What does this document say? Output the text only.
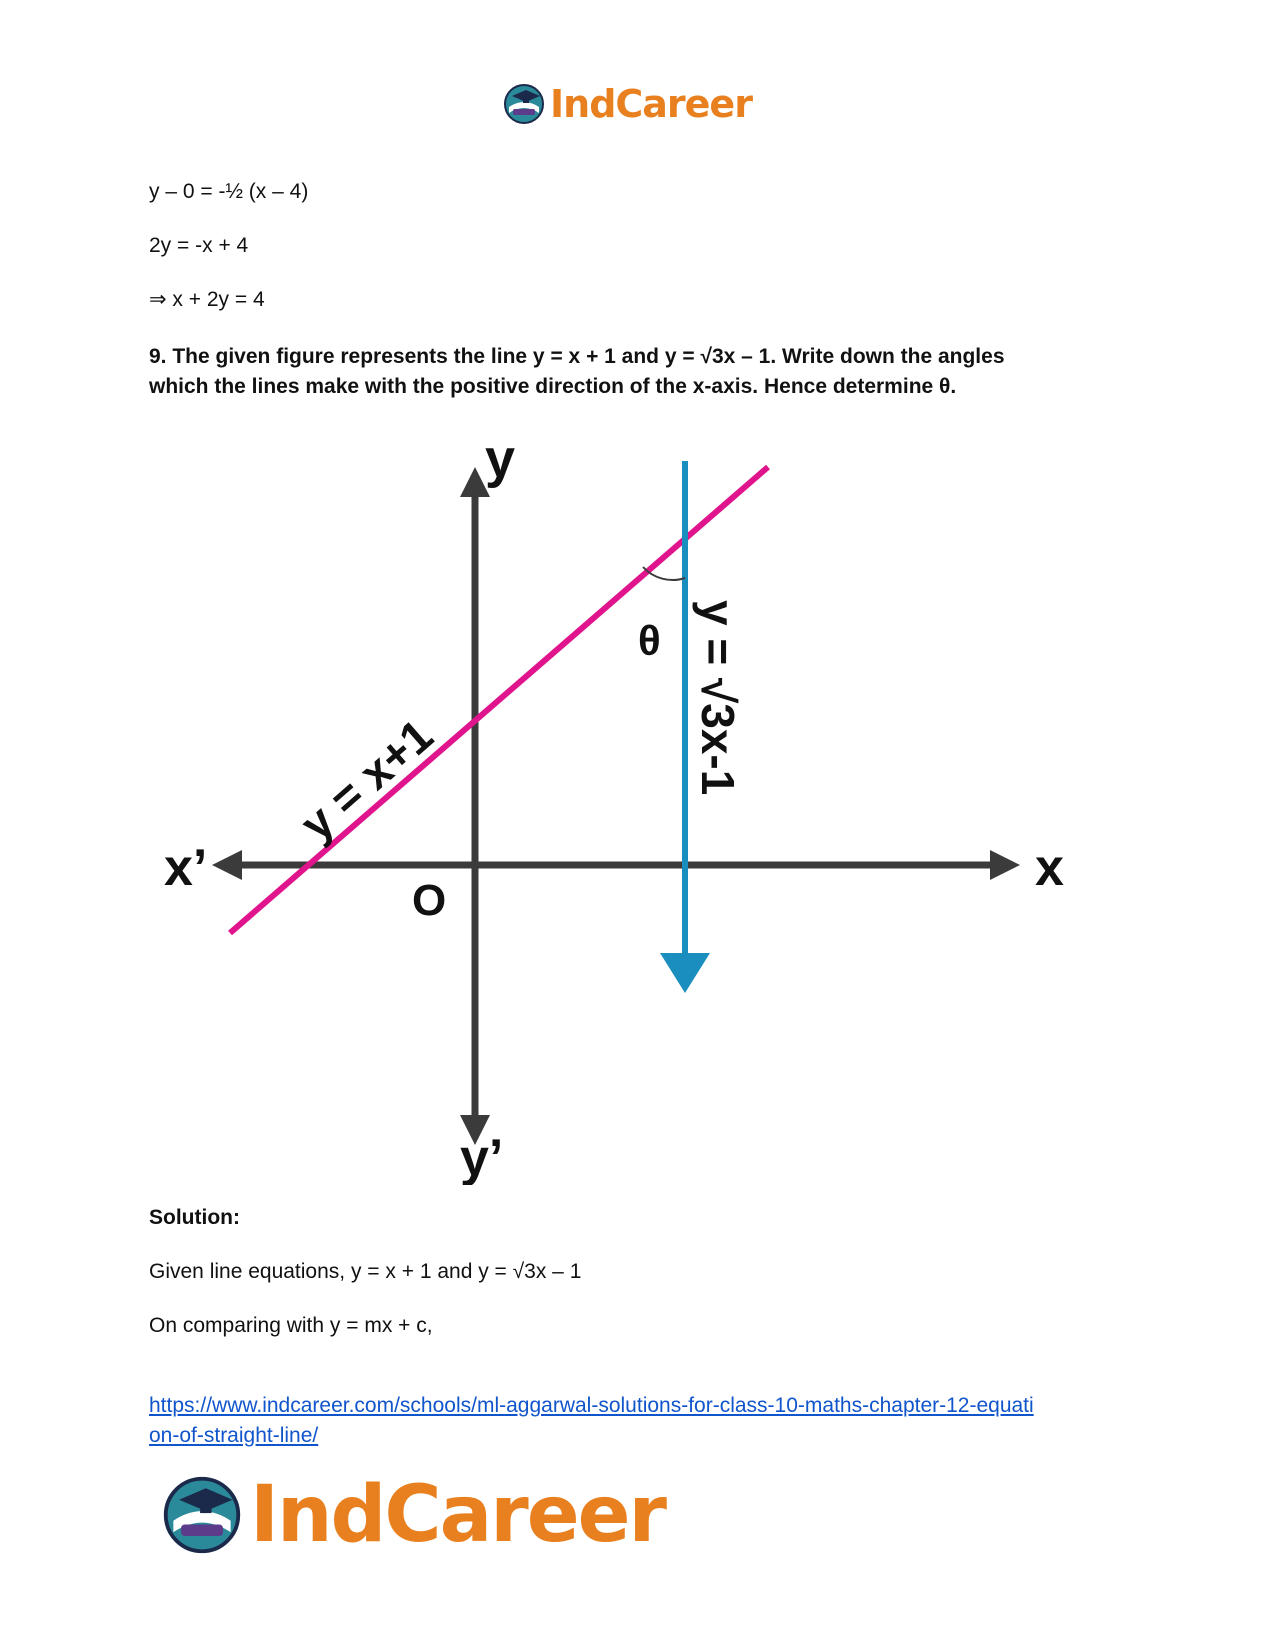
IndCareer
y – 0 = -½ (x – 4)
2y = -x + 4
⇒ x + 2y = 4
9. The given figure represents the line y = x + 1 and y = √3x – 1. Write down the angles
which the lines make with the positive direction of the x-axis. Hence determine θ.
y
y’
x
x’
O
θ
y = x+1	y = √3x-1
Solution:
Given line equations, y = x + 1 and y = √3x – 1
On comparing with y = mx + c,
https://www.indcareer.com/schools/ml-aggarwal-solutions-for-class-10-maths-chapter-12-equati
on-of-straight-line/
IndCareer
